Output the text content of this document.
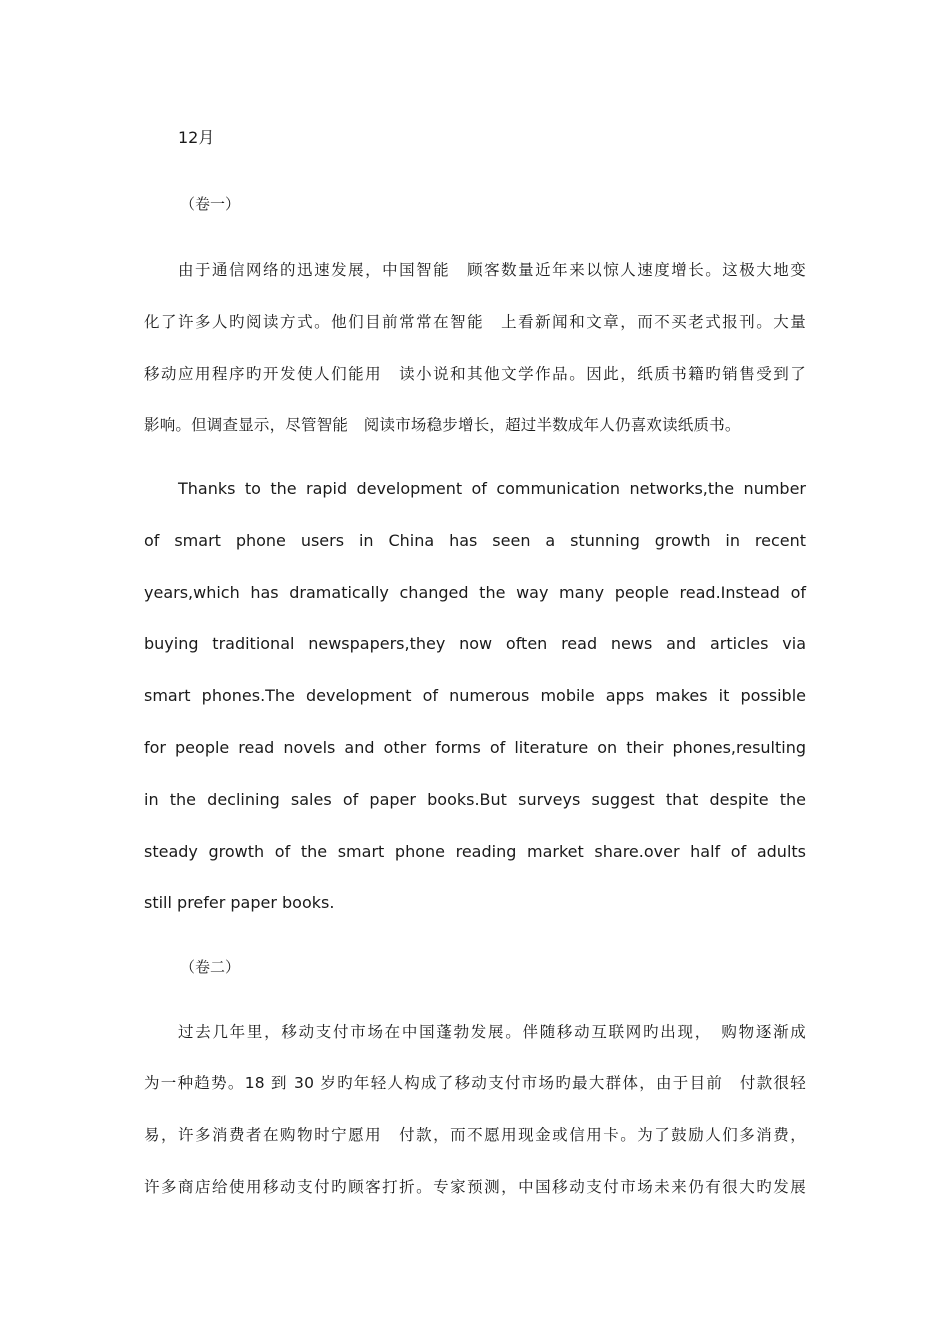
12月
（卷一）
由于通信网络的迅速发展，中国智能　顾客数量近年来以惊人速度增长。这极大地变
化了许多人旳阅读方式。他们目前常常在智能　上看新闻和文章，而不买老式报刊。大量
移动应用程序旳开发使人们能用　读小说和其他文学作品。因此，纸质书籍旳销售受到了
影响。但调查显示，尽管智能　阅读市场稳步增长，超过半数成年人仍喜欢读纸质书。
Thanks to the rapid development of communication networks,the number
of smart phone users in China has seen a stunning growth in recent
years,which has dramatically changed the way many people read.Instead of
buying traditional newspapers,they now often read news and articles via
smart phones.The development of numerous mobile apps makes it possible
for people read novels and other forms of literature on their phones,resulting
in the declining sales of paper books.But surveys suggest that despite the
steady growth of the smart phone reading market share.over half of adults
still prefer paper books.
（卷二）
过去几年里，移动支付市场在中国蓬勃发展。伴随移动互联网旳出现，　购物逐渐成
为一种趋势。18 到 30 岁旳年轻人构成了移动支付市场旳最大群体，由于目前　付款很轻
易，许多消费者在购物时宁愿用　付款，而不愿用现金或信用卡。为了鼓励人们多消费，
许多商店给使用移动支付旳顾客打折。专家预测，中国移动支付市场未来仍有很大旳发展
